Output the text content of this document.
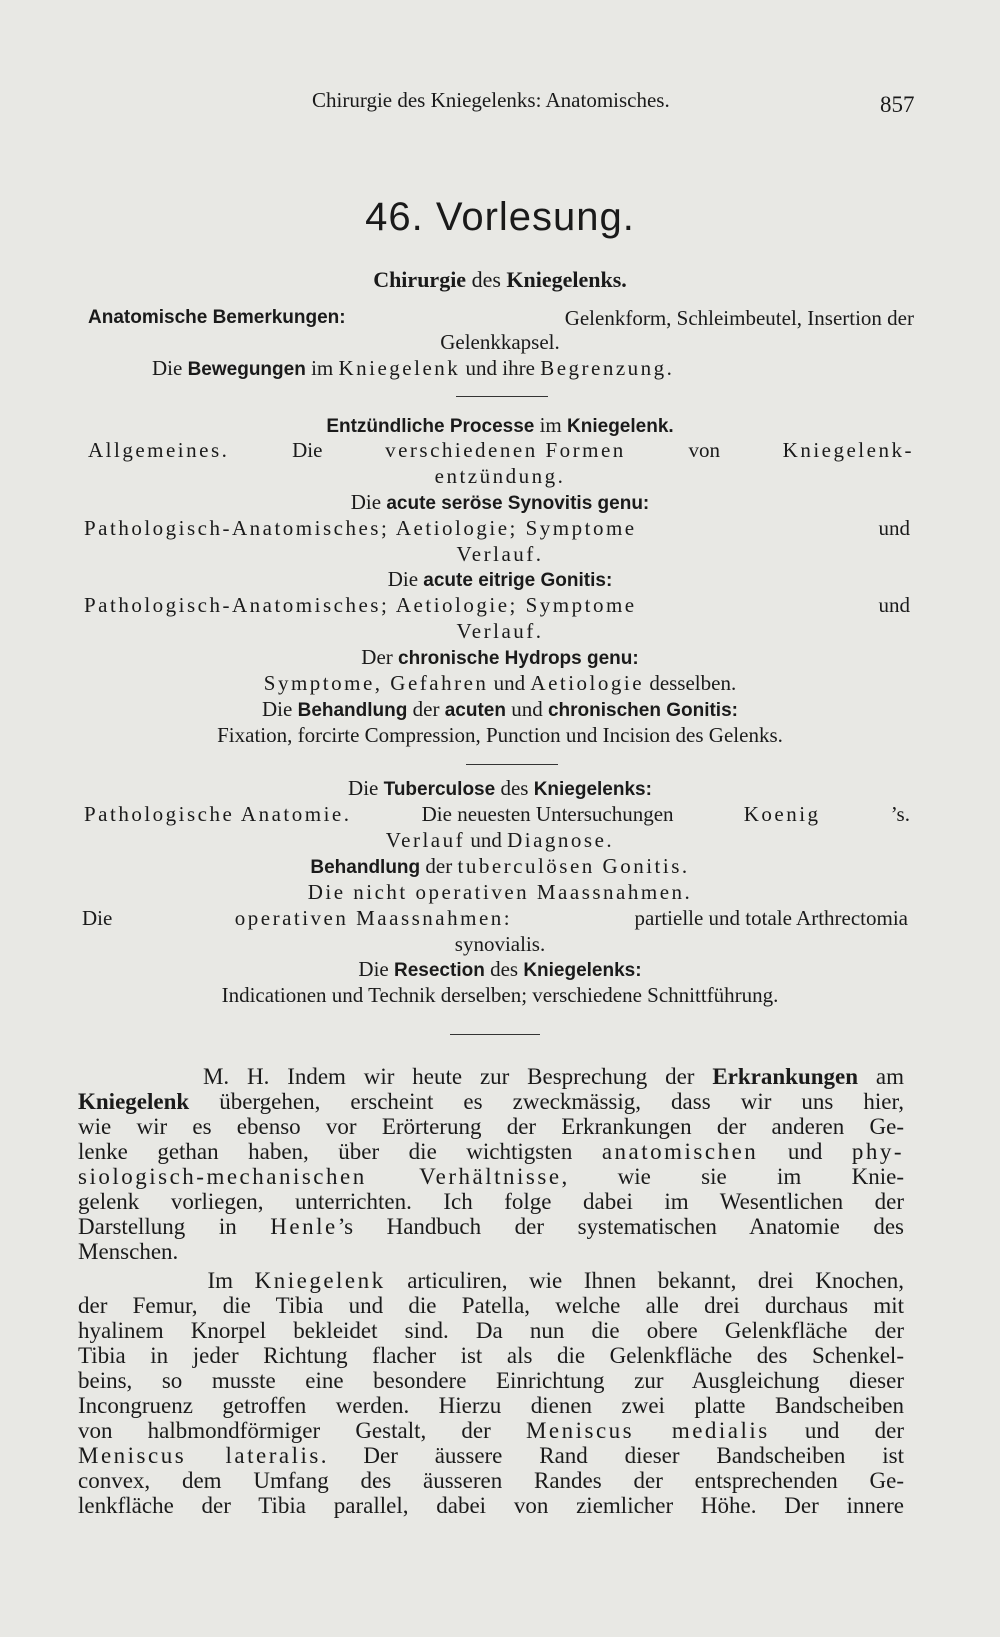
Chirurgie des Kniegelenks: Anatomisches.	857
46. Vorlesung.
Chirurgie des Kniegelenks.
Anatomische Bemerkungen:	Gelenkform, Schleimbeutel, Insertion der
Gelenkkapsel.
Die Bewegungen im Kniegelenk und ihre Begrenzung.
Entzündliche Processe im Kniegelenk.
Allgemeines.	Die	verschiedenen Formen	von	Kniegelenk-
entzündung.
Die acute seröse Synovitis genu:
Pathologisch-Anatomisches; Aetiologie; Symptome	und
Verlauf.
Die acute eitrige Gonitis:
Pathologisch-Anatomisches; Aetiologie; Symptome	und
Verlauf.
Der chronische Hydrops genu:
Symptome, Gefahren und Aetiologie desselben.
Die Behandlung der acuten und chronischen Gonitis:
Fixation, forcirte Compression, Punction und Incision des Gelenks.
Die Tuberculose des Kniegelenks:
Pathologische Anatomie.	Die neuesten Untersuchungen	Koenig	’s.
Verlauf und Diagnose.
Behandlung der tuberculösen Gonitis.
Die nicht operativen Maassnahmen.
Die	operativen Maassnahmen:	partielle und totale Arthrectomia
synovialis.
Die Resection des Kniegelenks:
Indicationen und Technik derselben; verschiedene Schnittführung.
M. H. Indem wir heute zur Besprechung der Erkrankungen am
Kniegelenk übergehen, erscheint es zweckmässig, dass wir uns hier,
wie wir es ebenso vor Erörterung der Erkrankungen der anderen Ge-
lenke gethan haben, über die wichtigsten anatomischen und phy-
siologisch-mechanischen Verhältnisse, wie sie im Knie-
gelenk vorliegen, unterrichten. Ich folge dabei im Wesentlichen der
Darstellung in Henle’s Handbuch der systematischen Anatomie des
Menschen.
Im Kniegelenk articuliren, wie Ihnen bekannt, drei Knochen,
der Femur, die Tibia und die Patella, welche alle drei durchaus mit
hyalinem Knorpel bekleidet sind. Da nun die obere Gelenkfläche der
Tibia in jeder Richtung flacher ist als die Gelenkfläche des Schenkel-
beins, so musste eine besondere Einrichtung zur Ausgleichung dieser
Incongruenz getroffen werden. Hierzu dienen zwei platte Bandscheiben
von halbmondförmiger Gestalt, der Meniscus medialis und der
Meniscus lateralis. Der äussere Rand dieser Bandscheiben ist
convex, dem Umfang des äusseren Randes der entsprechenden Ge-
lenkfläche der Tibia parallel, dabei von ziemlicher Höhe. Der innere
